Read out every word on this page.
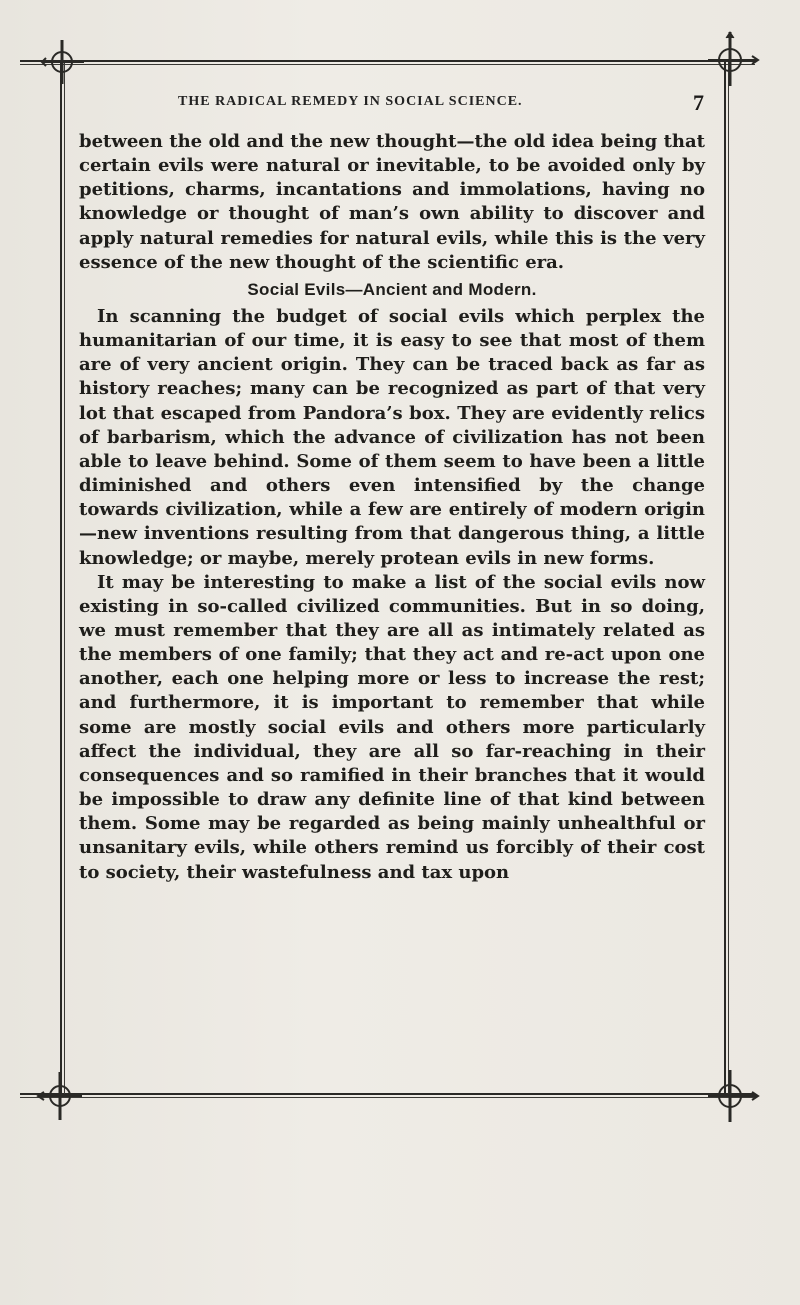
THE RADICAL REMEDY IN SOCIAL SCIENCE.	7

between the old and the new thought—the old idea being that certain evils were natural or inevitable, to be avoided only by petitions, charms, incantations and immolations, having no knowledge or thought of man’s own ability to discover and apply natural remedies for natural evils, while this is the very essence of the new thought of the scientific era.

Social Evils—Ancient and Modern.

In scanning the budget of social evils which perplex the humanitarian of our time, it is easy to see that most of them are of very ancient origin. They can be traced back as far as history reaches; many can be recognized as part of that very lot that escaped from Pandora’s box. They are evidently relics of barbarism, which the advance of civilization has not been able to leave behind. Some of them seem to have been a little diminished and others even intensified by the change towards civilization, while a few are entirely of modern origin—new inventions resulting from that dangerous thing, a little knowledge; or maybe, merely protean evils in new forms.

It may be interesting to make a list of the social evils now existing in so-called civilized communities. But in so doing, we must remember that they are all as intimately related as the members of one family; that they act and re-act upon one another, each one helping more or less to increase the rest; and furthermore, it is important to remember that while some are mostly social evils and others more particularly affect the individual, they are all so far-reaching in their consequences and so ramified in their branches that it would be impossible to draw any definite line of that kind between them. Some may be regarded as being mainly unhealthful or unsanitary evils, while others remind us forcibly of their cost to society, their wastefulness and tax upon
